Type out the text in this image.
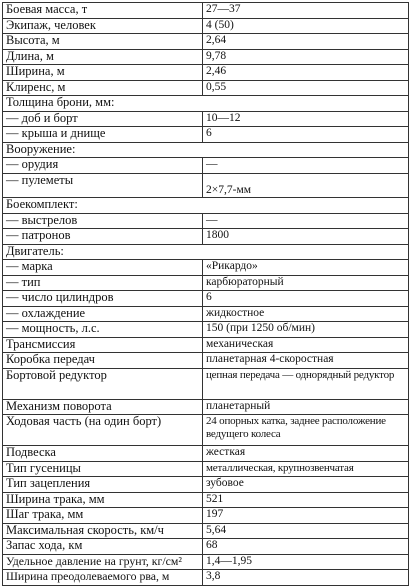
Боевая масса, т	27—37
Экипаж, человек	4 (50)
Высота, м	2,64
Длина, м	9,78
Ширина, м	2,46
Клиренс, м	0,55
Толщина брони, мм:	
— доб и борт	10—12
— крыша и днище	6
Вооружение:	
— орудия	—
— пулеметы	2×7,7-мм
Боекомплект:	
— выстрелов	—
— патронов	1800
Двигатель:	
— марка	«Рикардо»
— тип	карбюраторный
— число цилиндров	6
— охлаждение	жидкостное
— мощность, л.с.	150 (при 1250 об/мин)
Трансмиссия	механическая
Коробка передач	планетарная 4-скоростная
Бортовой редуктор	цепная передача — однорядный редуктор
Механизм поворота	планетарный
Ходовая часть (на один борт)	24 опорных катка, заднее расположение ведущего колеса
Подвеска	жесткая
Тип гусеницы	металлическая, крупнозвенчатая
Тип зацепления	зубовое
Ширина трака, мм	521
Шаг трака, мм	197
Максимальная скорость, км/ч	5,64
Запас хода, км	68
Удельное давление на грунт, кг/см²	1,4—1,95
Ширина преодолеваемого рва, м	3,8
